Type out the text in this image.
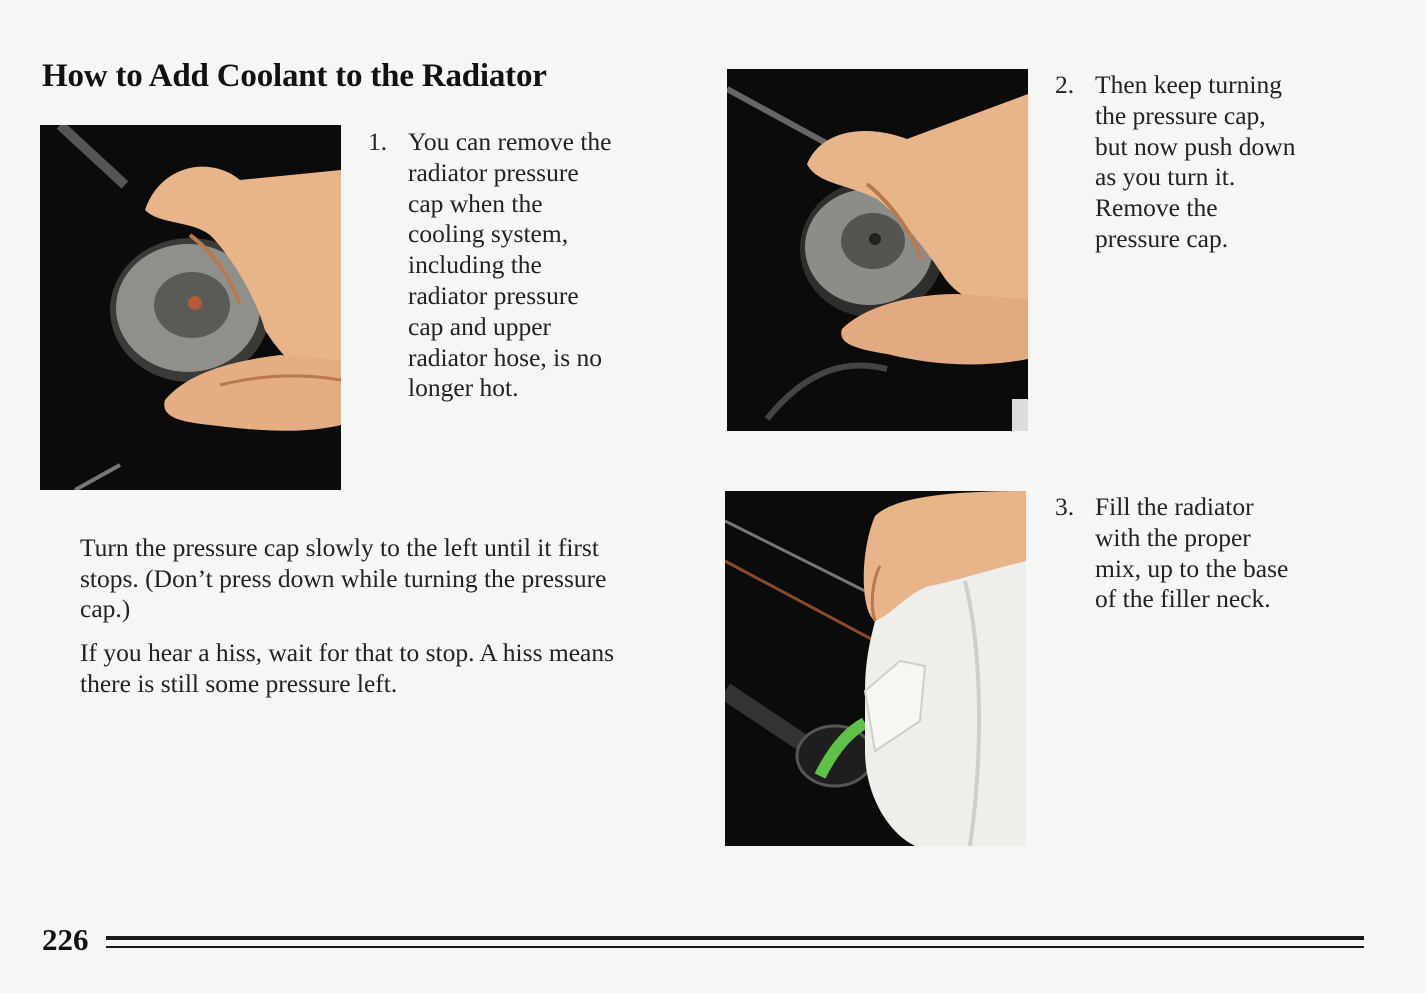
How to Add Coolant to the Radiator
1. You can remove the
radiator pressure
cap when the
cooling system,
including the
radiator pressure
cap and upper
radiator hose, is no
longer hot.
2. Then keep turning
the pressure cap,
but now push down
as you turn it.
Remove the
pressure cap.
3. Fill the radiator
with the proper
mix, up to the base
of the filler neck.
Turn the pressure cap slowly to the left until it first
stops. (Don’t press down while turning the pressure
cap.)
If you hear a hiss, wait for that to stop. A hiss means
there is still some pressure left.
226
